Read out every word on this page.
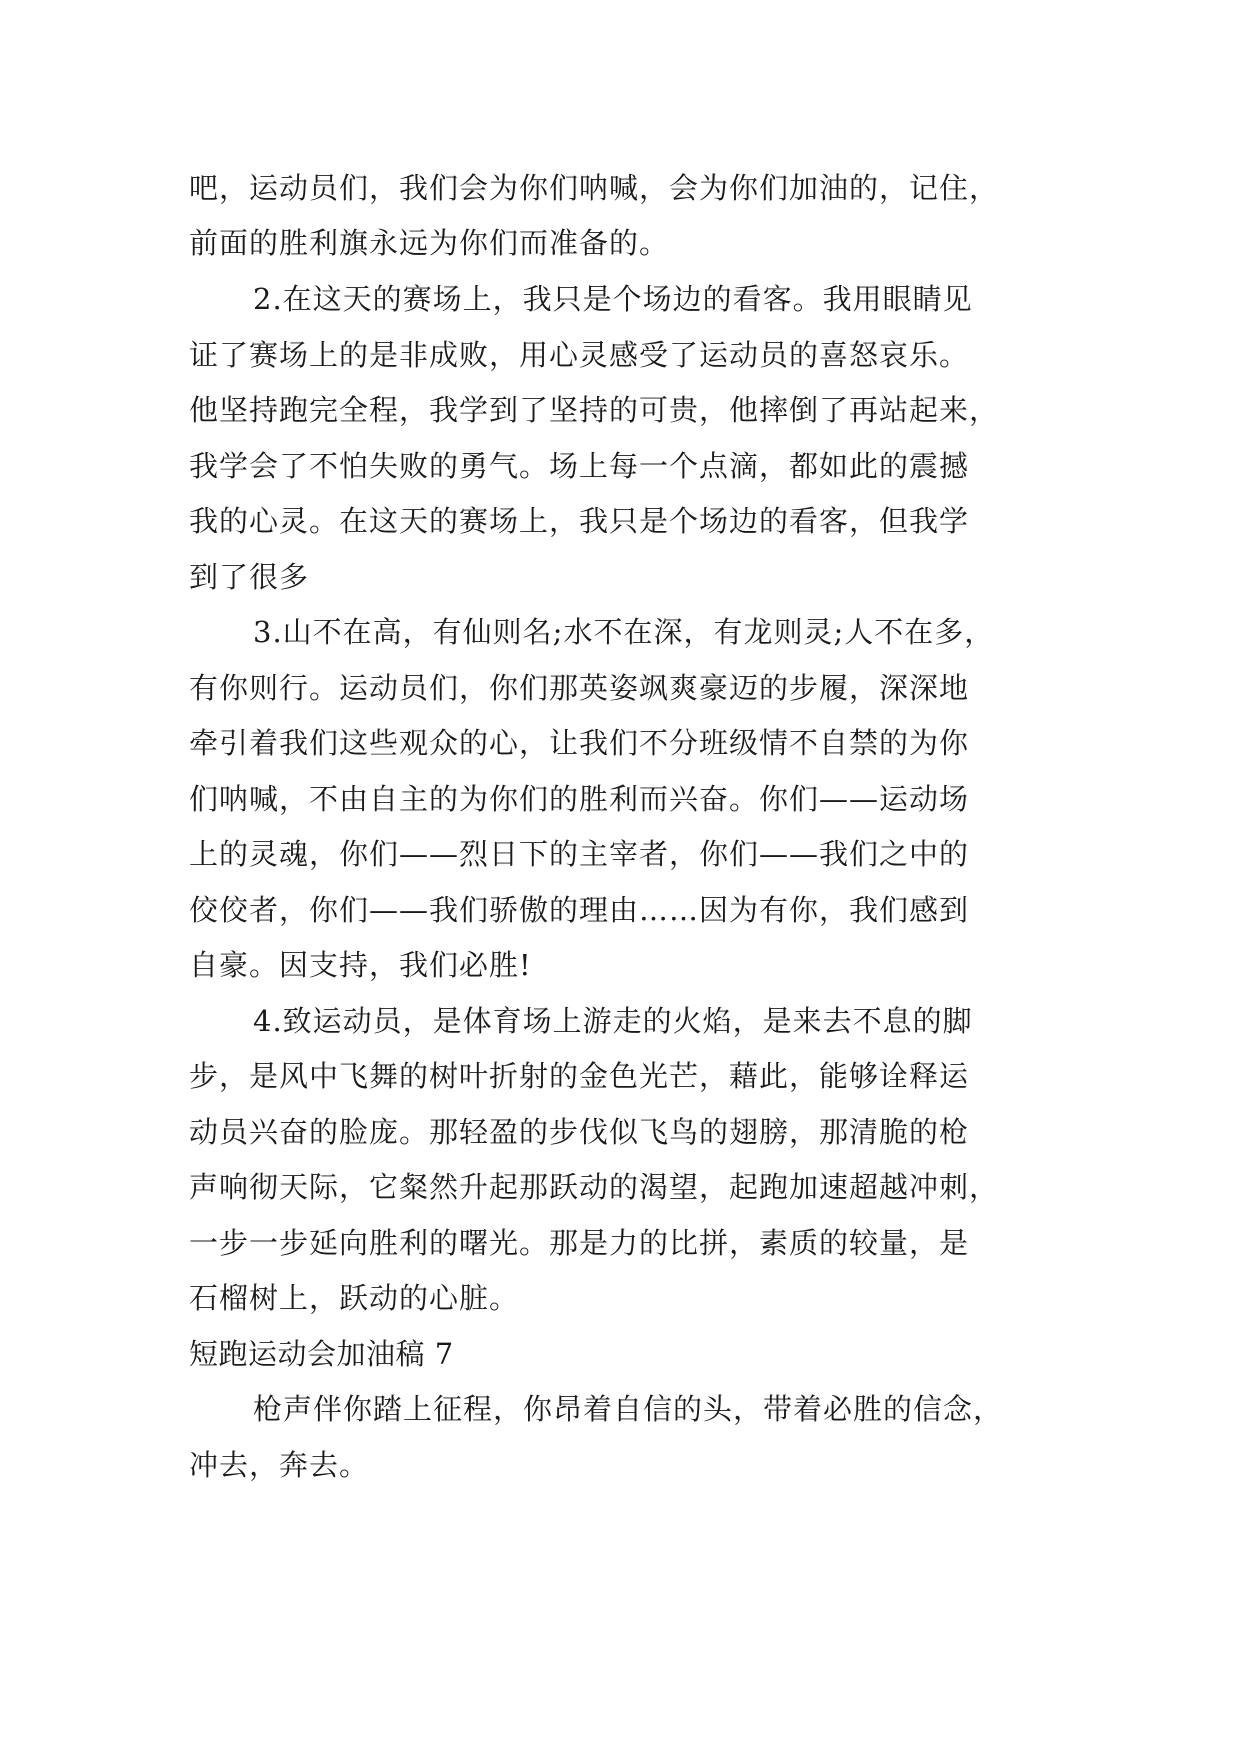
吧，运动员们，我们会为你们呐喊，会为你们加油的，记住，
前面的胜利旗永远为你们而准备的。
2.在这天的赛场上，我只是个场边的看客。我用眼睛见
证了赛场上的是非成败，用心灵感受了运动员的喜怒哀乐。
他坚持跑完全程，我学到了坚持的可贵，他摔倒了再站起来，
我学会了不怕失败的勇气。场上每一个点滴，都如此的震撼
我的心灵。在这天的赛场上，我只是个场边的看客，但我学
到了很多
3.山不在高，有仙则名;水不在深，有龙则灵;人不在多，
有你则行。运动员们，你们那英姿飒爽豪迈的步履，深深地
牵引着我们这些观众的心，让我们不分班级情不自禁的为你
们呐喊，不由自主的为你们的胜利而兴奋。你们——运动场
上的灵魂，你们——烈日下的主宰者，你们——我们之中的
佼佼者，你们——我们骄傲的理由……因为有你，我们感到
自豪。因支持，我们必胜!
4.致运动员，是体育场上游走的火焰，是来去不息的脚
步，是风中飞舞的树叶折射的金色光芒，藉此，能够诠释运
动员兴奋的脸庞。那轻盈的步伐似飞鸟的翅膀，那清脆的枪
声响彻天际，它粲然升起那跃动的渴望，起跑加速超越冲刺，
一步一步延向胜利的曙光。那是力的比拼，素质的较量，是
石榴树上，跃动的心脏。
短跑运动会加油稿 7
枪声伴你踏上征程，你昂着自信的头，带着必胜的信念，
冲去，奔去。
